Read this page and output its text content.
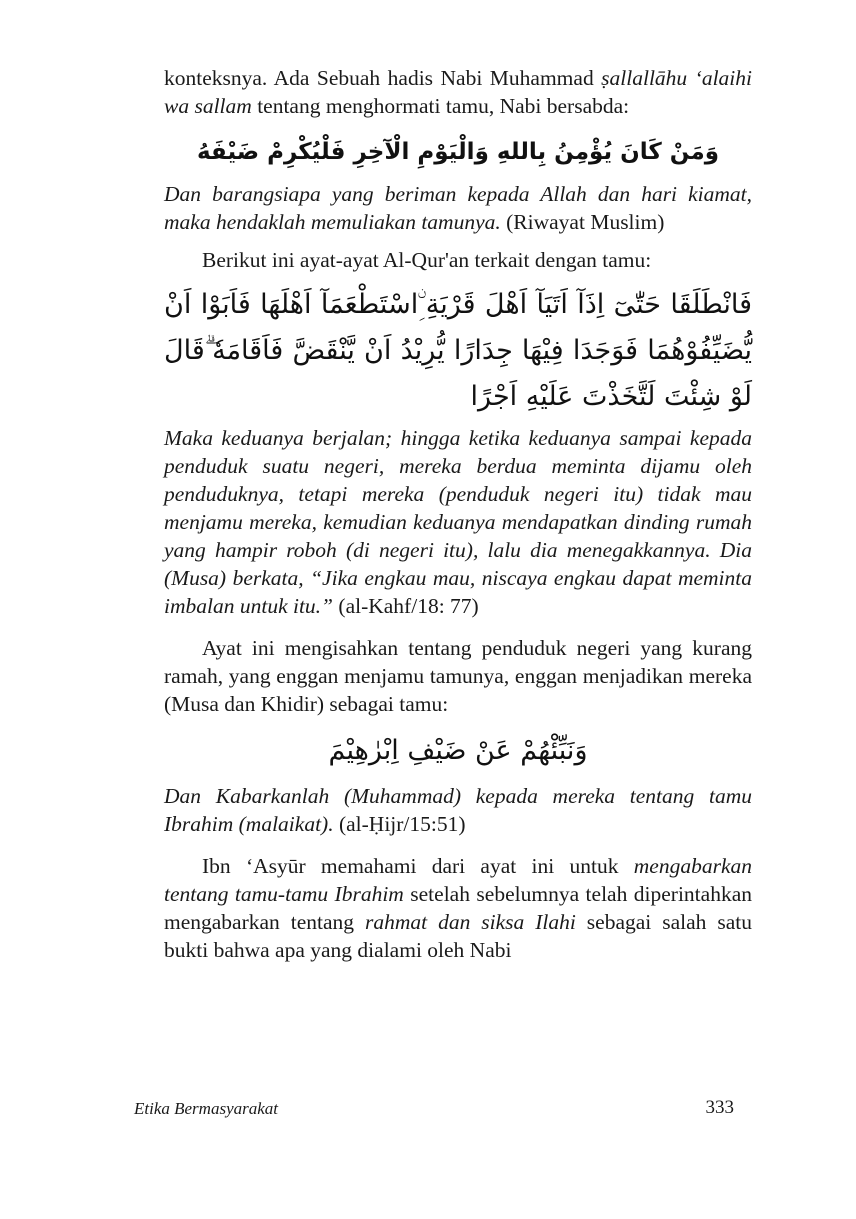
konteksnya. Ada Sebuah hadis Nabi Muhammad ṣallallāhu ‘alaihi wa sallam tentang menghormati tamu, Nabi bersabda:

وَمَنْ كَانَ يُؤْمِنُ بِاللهِ وَالْيَوْمِ الْآخِرِ فَلْيُكْرِمْ ضَيْفَهُ

Dan barangsiapa yang beriman kepada Allah dan hari kiamat, maka hendaklah memuliakan tamunya. (Riwayat Muslim)

Berikut ini ayat-ayat Al-Qur'an terkait dengan tamu:

فَانْطَلَقَا حَتّٰىٓ اِذَآ اَتَيَآ اَهْلَ قَرْيَةِ ِۨاسْتَطْعَمَآ اَهْلَهَا فَاَبَوْا اَنْ يُّضَيِّفُوْهُمَا فَوَجَدَا فِيْهَا جِدَارًا يُّرِيْدُ اَنْ يَّنْقَضَّ فَاَقَامَهٗ ۗقَالَ لَوْ شِئْتَ لَتَّخَذْتَ عَلَيْهِ اَجْرًا

Maka keduanya berjalan; hingga ketika keduanya sampai kepada penduduk suatu negeri, mereka berdua meminta dijamu oleh penduduknya, tetapi mereka (penduduk negeri itu) tidak mau menjamu mereka, kemudian keduanya mendapatkan dinding rumah yang hampir roboh (di negeri itu), lalu dia menegakkannya. Dia (Musa) berkata, “Jika engkau mau, niscaya engkau dapat meminta imbalan untuk itu.” (al-Kahf/18: 77)

Ayat ini mengisahkan tentang penduduk negeri yang kurang ramah, yang enggan menjamu tamunya, enggan menjadikan mereka (Musa dan Khidir) sebagai tamu:

وَنَبِّئْهُمْ عَنْ ضَيْفِ اِبْرٰهِيْمَ

Dan Kabarkanlah (Muhammad) kepada mereka tentang tamu Ibrahim (malaikat). (al-Ḥijr/15:51)

Ibn ‘Asyūr memahami dari ayat ini untuk mengabarkan tentang tamu-tamu Ibrahim setelah sebelumnya telah diperintahkan mengabarkan tentang rahmat dan siksa Ilahi sebagai salah satu bukti bahwa apa yang dialami oleh Nabi

Etika Bermasyarakat	333
